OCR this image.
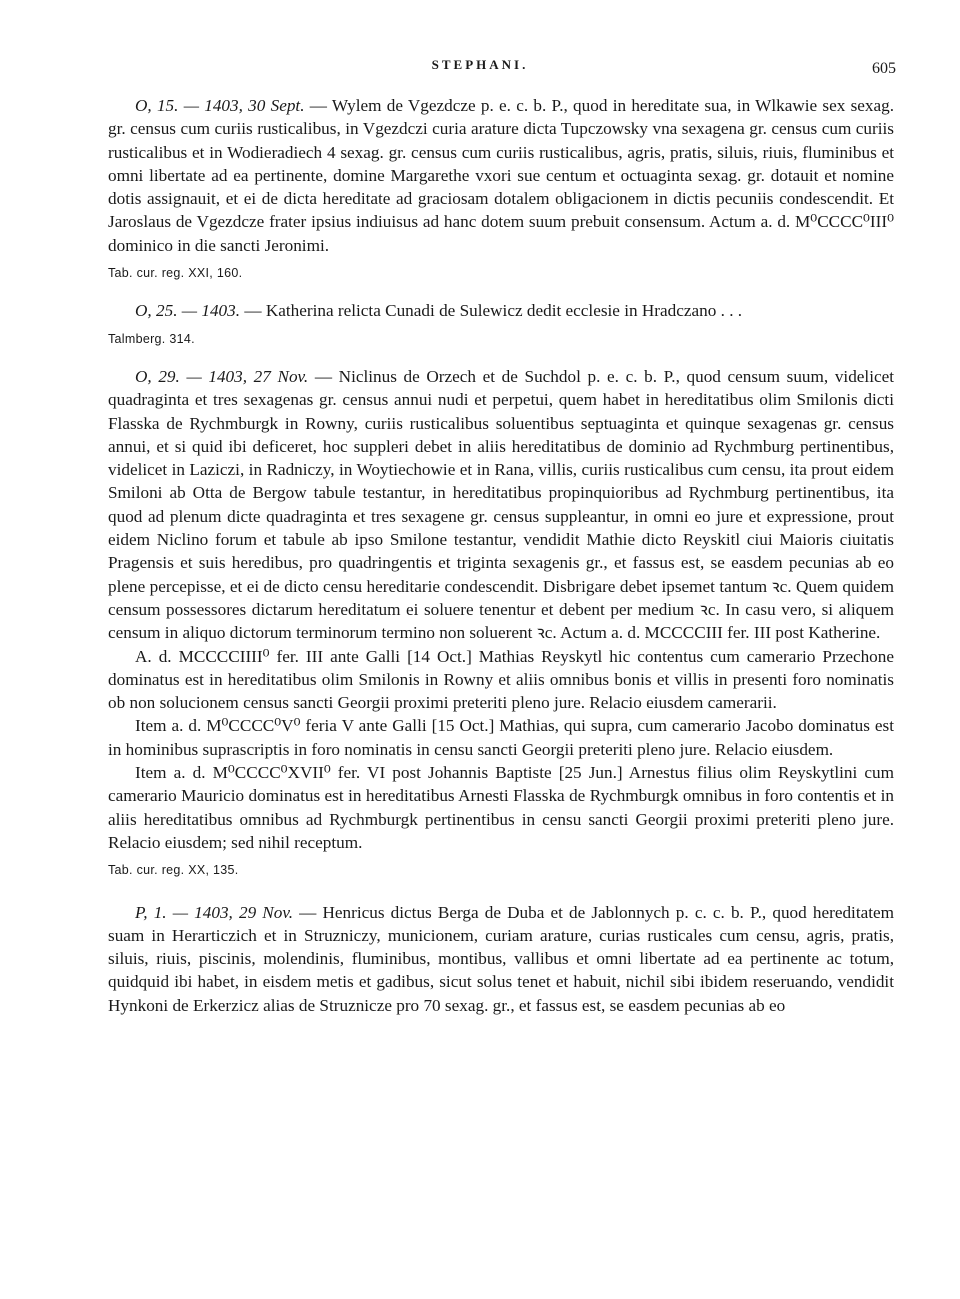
STEPHANI.	605

O, 15. — 1403, 30 Sept. — Wylem de Vgezdcze p. e. c. b. P., quod in hereditate sua, in Wlkawie sex sexag. gr. census cum curiis rusticalibus, in Vgezdczi curia arature dicta Tupczowsky vna sexagena gr. census cum curiis rusticalibus et in Wodieradiech 4 sexag. gr. census cum curiis rusticalibus, agris, pratis, siluis, riuis, fluminibus et omni libertate ad ea pertinente, domine Margarethe vxori sue centum et octuaginta sexag. gr. dotauit et nomine dotis assignauit, et ei de dicta hereditate ad graciosam dotalem obligacionem in dictis pecuniis condescendit. Et Jaroslaus de Vgezdcze frater ipsius indiuisus ad hanc dotem suum prebuit consensum. Actum a. d. M⁰CCCC⁰III⁰ dominico in die sancti Jeronimi.

Tab. cur. reg. XXI, 160.

O, 25. — 1403. — Katherina relicta Cunadi de Sulewicz dedit ecclesie in Hradczano . . .

Talmberg. 314.

O, 29. — 1403, 27 Nov. — Niclinus de Orzech et de Suchdol p. e. c. b. P., quod censum suum, videlicet quadraginta et tres sexagenas gr. census annui nudi et perpetui, quem habet in hereditatibus olim Smilonis dicti Flasska de Rychmburgk in Rowny, curiis rusticalibus soluentibus septuaginta et quinque sexagenas gr. census annui, et si quid ibi deficeret, hoc suppleri debet in aliis hereditatibus de dominio ad Rychmburg pertinentibus, videlicet in Laziczi, in Radniczy, in Woytiechowie et in Rana, villis, curiis rusticalibus cum censu, ita prout eidem Smiloni ab Otta de Bergow tabule testantur, in hereditatibus propinquioribus ad Rychmburg pertinentibus, ita quod ad plenum dicte quadraginta et tres sexagene gr. census suppleantur, in omni eo jure et expressione, prout eidem Niclino forum et tabule ab ipso Smilone testantur, vendidit Mathie dicto Reyskitl ciui Maioris ciuitatis Pragensis et suis heredibus, pro quadringentis et triginta sexagenis gr., et fassus est, se easdem pecunias ab eo plene percepisse, et ei de dicto censu hereditarie condescendit. Disbrigare debet ipsemet tantum ꝛc. Quem quidem censum possessores dictarum hereditatum ei soluere tenentur et debent per medium ꝛc. In casu vero, si aliquem censum in aliquo dictorum terminorum termino non soluerent ꝛc. Actum a. d. MCCCCIII fer. III post Katherine.

A. d. MCCCCIIII⁰ fer. III ante Galli [14 Oct.] Mathias Reyskytl hic contentus cum camerario Przechone dominatus est in hereditatibus olim Smilonis in Rowny et aliis omnibus bonis et villis in presenti foro nominatis ob non solucionem census sancti Georgii proximi preteriti pleno jure. Relacio eiusdem camerarii.

Item a. d. M⁰CCCC⁰V⁰ feria V ante Galli [15 Oct.] Mathias, qui supra, cum camerario Jacobo dominatus est in hominibus suprascriptis in foro nominatis in censu sancti Georgii preteriti pleno jure. Relacio eiusdem.

Item a. d. M⁰CCCC⁰XVII⁰ fer. VI post Johannis Baptiste [25 Jun.] Arnestus filius olim Reyskytlini cum camerario Mauricio dominatus est in hereditatibus Arnesti Flasska de Rychmburgk omnibus in foro contentis et in aliis hereditatibus omnibus ad Rychmburgk pertinentibus in censu sancti Georgii proximi preteriti pleno jure. Relacio eiusdem; sed nihil receptum.

Tab. cur. reg. XX, 135.

P, 1. — 1403, 29 Nov. — Henricus dictus Berga de Duba et de Jablonnych p. c. c. b. P., quod hereditatem suam in Herarticzich et in Struzniczy, municionem, curiam arature, curias rusticales cum censu, agris, pratis, siluis, riuis, piscinis, molendinis, fluminibus, montibus, vallibus et omni libertate ad ea pertinente ac totum, quidquid ibi habet, in eisdem metis et gadibus, sicut solus tenet et habuit, nichil sibi ibidem reseruando, vendidit Hynkoni de Erkerzicz alias de Struznicze pro 70 sexag. gr., et fassus est, se easdem pecunias ab eo
